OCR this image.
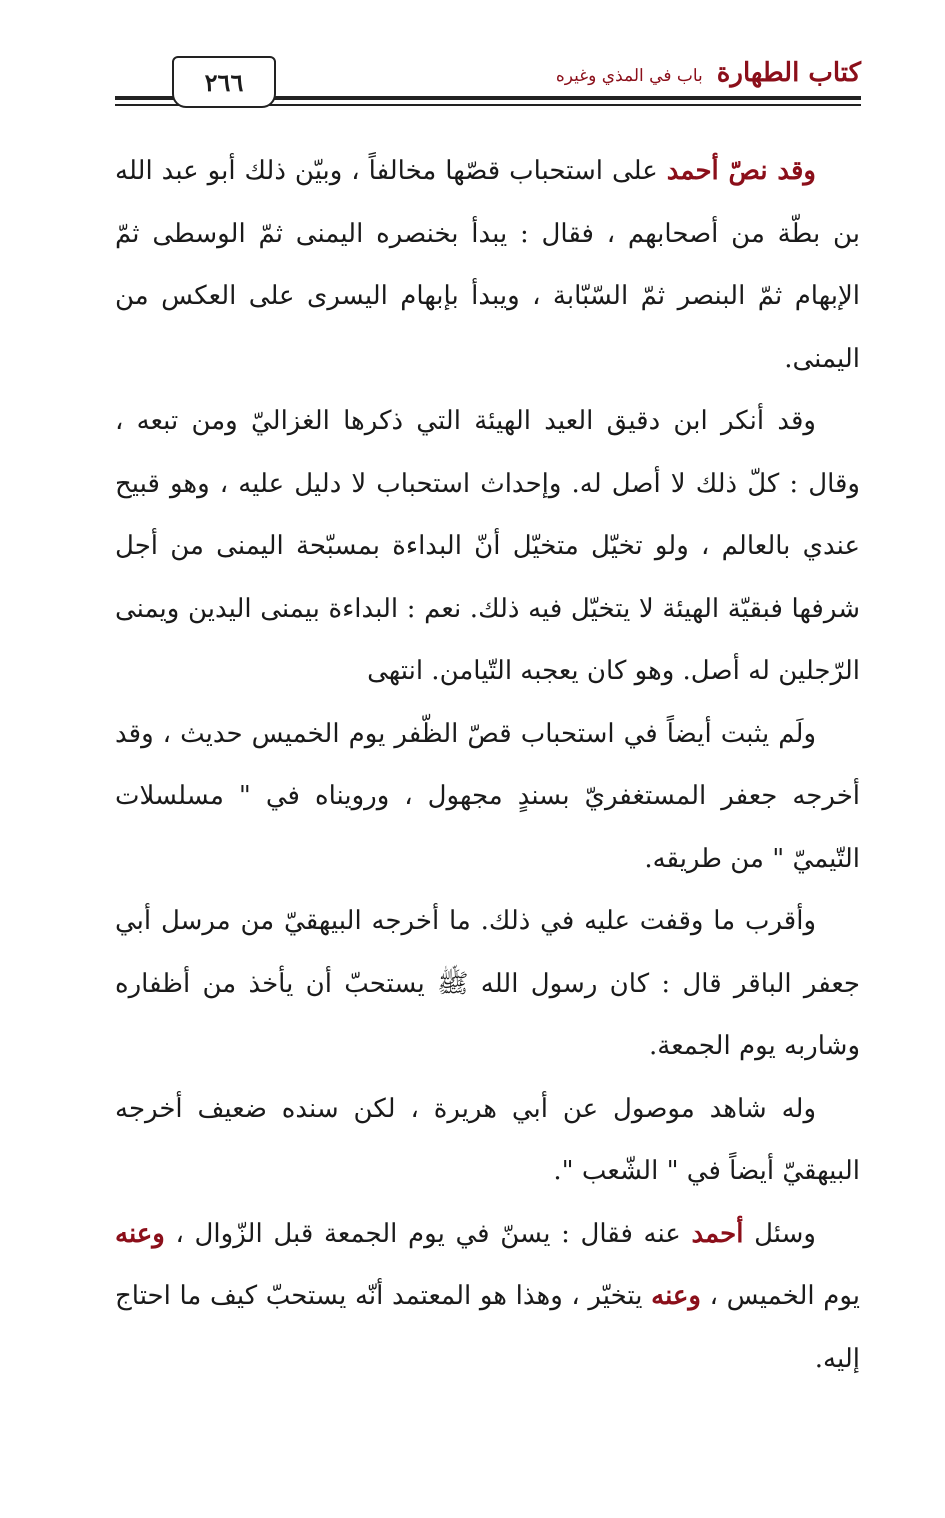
٢٦٦	كتاب الطهارة
باب في المذي وغيره

وقد نصّ أحمد على استحباب قصّها مخالفاً ، وبيّن ذلك أبو عبد الله بن بطّة من أصحابهم ، فقال : يبدأ بخنصره اليمنى ثمّ الوسطى ثمّ الإبهام ثمّ البنصر ثمّ السّبّابة ، ويبدأ بإبهام اليسرى على العكس من اليمنى.

وقد أنكر ابن دقيق العيد الهيئة التي ذكرها الغزاليّ ومن تبعه ، وقال : كلّ ذلك لا أصل له. وإحداث استحباب لا دليل عليه ، وهو قبيح عندي بالعالم ، ولو تخيّل متخيّل أنّ البداءة بمسبّحة اليمنى من أجل شرفها فبقيّة الهيئة لا يتخيّل فيه ذلك. نعم : البداءة بيمنى اليدين ويمنى الرّجلين له أصل. وهو كان يعجبه التّيامن. انتهى

ولَم يثبت أيضاً في استحباب قصّ الظّفر يوم الخميس حديث ، وقد أخرجه جعفر المستغفريّ بسندٍ مجهول ، ورويناه في " مسلسلات التّيميّ " من طريقه.

وأقرب ما وقفت عليه في ذلك. ما أخرجه البيهقيّ من مرسل أبي جعفر الباقر قال : كان رسول الله ﷺ يستحبّ أن يأخذ من أظفاره وشاربه يوم الجمعة.

وله شاهد موصول عن أبي هريرة ، لكن سنده ضعيف أخرجه البيهقيّ أيضاً في " الشّعب ".

وسئل أحمد عنه فقال : يسنّ في يوم الجمعة قبل الزّوال ، وعنه يوم الخميس ، وعنه يتخيّر ، وهذا هو المعتمد أنّه يستحبّ كيف ما احتاج إليه.
